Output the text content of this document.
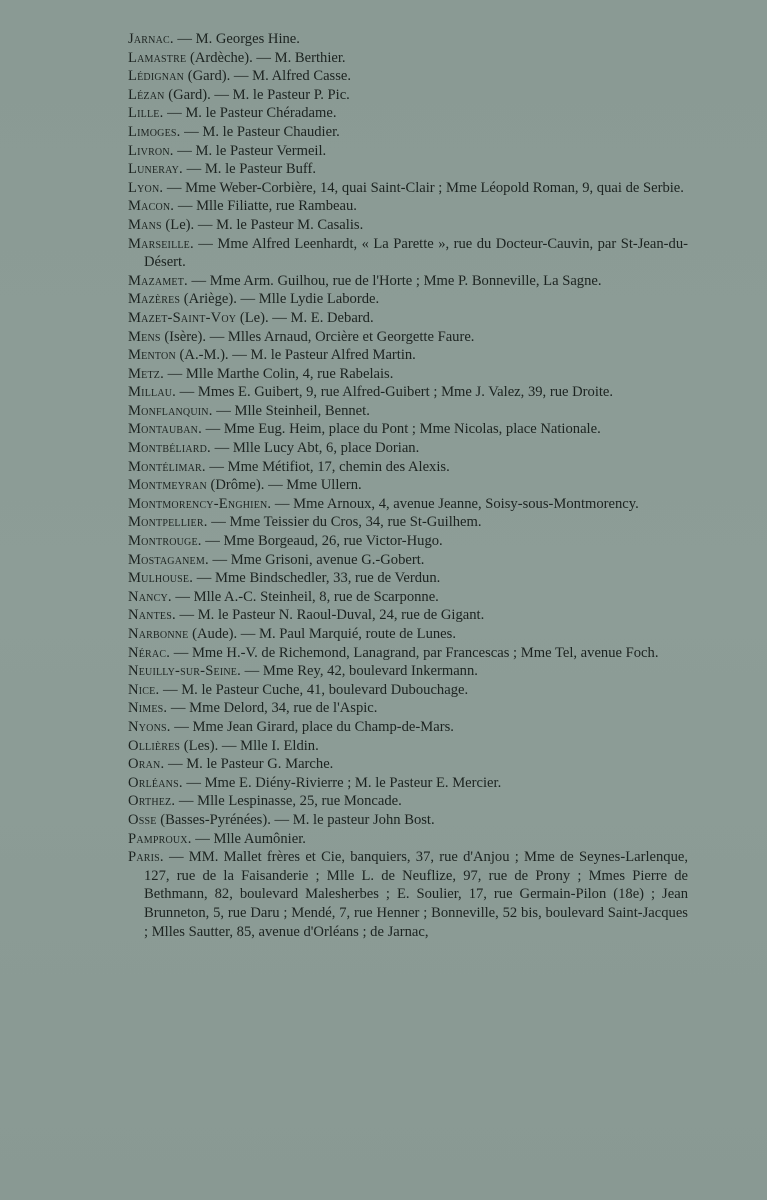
Jarnac. — M. Georges Hine.

Lamastre (Ardèche). — M. Berthier.

Lédignan (Gard). — M. Alfred Casse.

Lézan (Gard). — M. le Pasteur P. Pic.

Lille. — M. le Pasteur Chéradame.

Limoges. — M. le Pasteur Chaudier.

Livron. — M. le Pasteur Vermeil.

Luneray. — M. le Pasteur Buff.

Lyon. — Mme Weber-Corbière, 14, quai Saint-Clair ; Mme Léopold Roman, 9, quai de Serbie.

Macon. — Mlle Filiatte, rue Rambeau.

Mans (Le). — M. le Pasteur M. Casalis.

Marseille. — Mme Alfred Leenhardt, « La Parette », rue du Docteur-Cauvin, par St-Jean-du-Désert.

Mazamet. — Mme Arm. Guilhou, rue de l'Horte ; Mme P. Bonneville, La Sagne.

Mazères (Ariège). — Mlle Lydie Laborde.

Mazet-Saint-Voy (Le). — M. E. Debard.

Mens (Isère). — Mlles Arnaud, Orcière et Georgette Faure.

Menton (A.-M.). — M. le Pasteur Alfred Martin.

Metz. — Mlle Marthe Colin, 4, rue Rabelais.

Millau. — Mmes E. Guibert, 9, rue Alfred-Guibert ; Mme J. Valez, 39, rue Droite.

Monflanquin. — Mlle Steinheil, Bennet.

Montauban. — Mme Eug. Heim, place du Pont ; Mme Nicolas, place Nationale.

Montbéliard. — Mlle Lucy Abt, 6, place Dorian.

Montélimar. — Mme Métifiot, 17, chemin des Alexis.

Montmeyran (Drôme). — Mme Ullern.

Montmorency-Enghien. — Mme Arnoux, 4, avenue Jeanne, Soisy-sous-Montmorency.

Montpellier. — Mme Teissier du Cros, 34, rue St-Guilhem.

Montrouge. — Mme Borgeaud, 26, rue Victor-Hugo.

Mostaganem. — Mme Grisoni, avenue G.-Gobert.

Mulhouse. — Mme Bindschedler, 33, rue de Verdun.

Nancy. — Mlle A.-C. Steinheil, 8, rue de Scarponne.

Nantes. — M. le Pasteur N. Raoul-Duval, 24, rue de Gigant.

Narbonne (Aude). — M. Paul Marquié, route de Lunes.

Nérac. — Mme H.-V. de Richemond, Lanagrand, par Francescas ; Mme Tel, avenue Foch.

Neuilly-sur-Seine. — Mme Rey, 42, boulevard Inkermann.

Nice. — M. le Pasteur Cuche, 41, boulevard Dubouchage.

Nimes. — Mme Delord, 34, rue de l'Aspic.

Nyons. — Mme Jean Girard, place du Champ-de-Mars.

Ollières (Les). — Mlle I. Eldin.

Oran. — M. le Pasteur G. Marche.

Orléans. — Mme E. Diény-Rivierre ; M. le Pasteur E. Mercier.

Orthez. — Mlle Lespinasse, 25, rue Moncade.

Osse (Basses-Pyrénées). — M. le pasteur John Bost.

Pamproux. — Mlle Aumônier.

Paris. — MM. Mallet frères et Cie, banquiers, 37, rue d'Anjou ; Mme de Seynes-Larlenque, 127, rue de la Faisanderie ; Mlle L. de Neuflize, 97, rue de Prony ; Mmes Pierre de Bethmann, 82, boulevard Malesherbes ; E. Soulier, 17, rue Germain-Pilon (18e) ; Jean Brunneton, 5, rue Daru ; Mendé, 7, rue Henner ; Bonneville, 52 bis, boulevard Saint-Jacques ; Mlles Sautter, 85, avenue d'Orléans ; de Jarnac,
